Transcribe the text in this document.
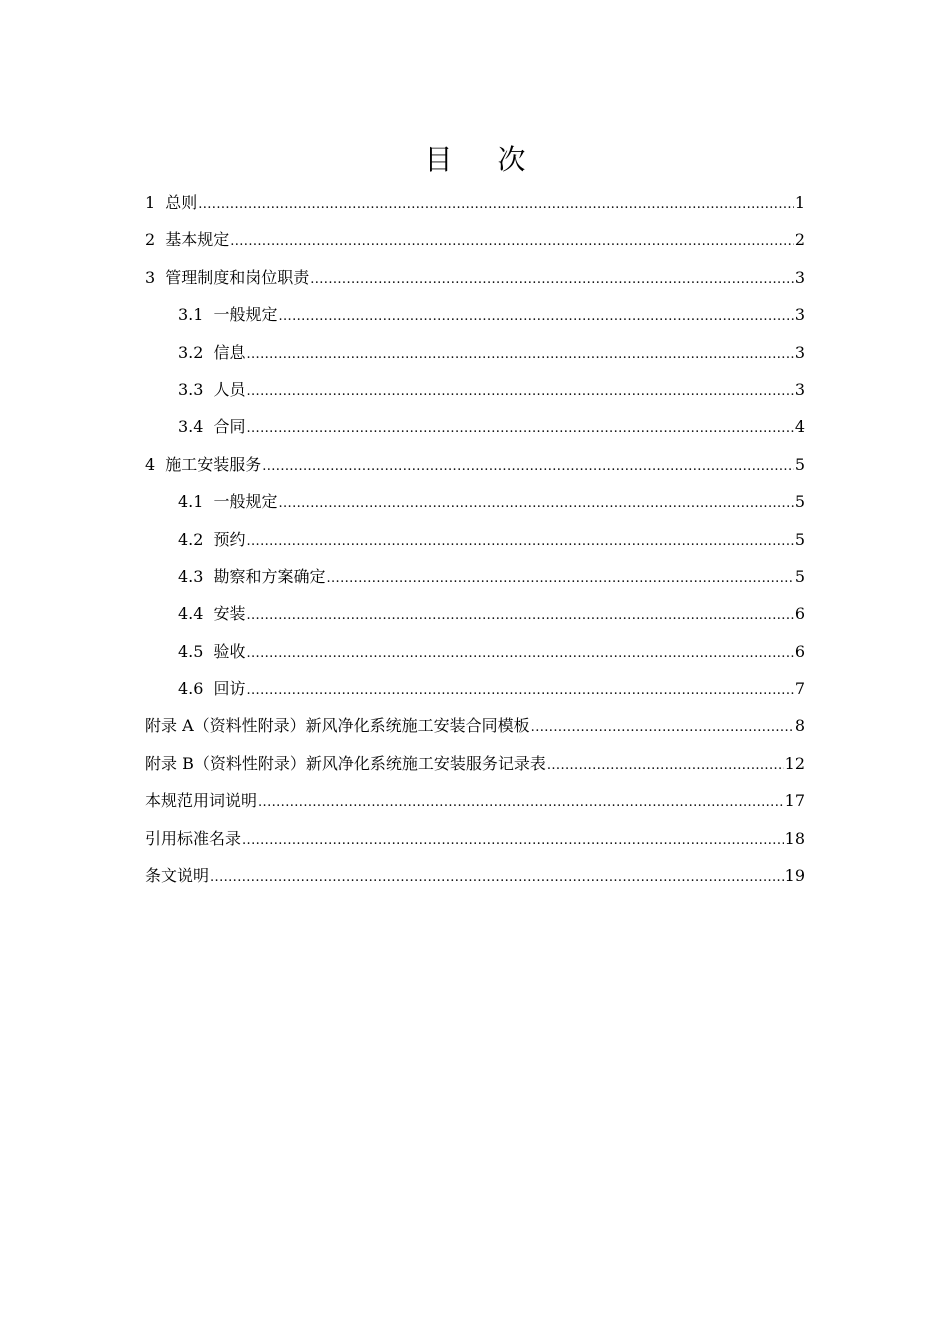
目 次
1 总则 .....	1
2 基本规定 .....	2
3 管理制度和岗位职责 .....	3
3.1 一般规定 .....	3
3.2 信息 .....	3
3.3 人员 .....	3
3.4 合同 .....	4
4 施工安装服务 .....	5
4.1 一般规定 .....	5
4.2 预约 .....	5
4.3 勘察和方案确定 .....	5
4.4 安装 .....	6
4.5 验收 .....	6
4.6 回访 .....	7
附录 A（资料性附录）新风净化系统施工安装合同模板 .....	8
附录 B（资料性附录）新风净化系统施工安装服务记录表 .....	12
本规范用词说明 .....	17
引用标准名录 .....	18
条文说明 .....	19
